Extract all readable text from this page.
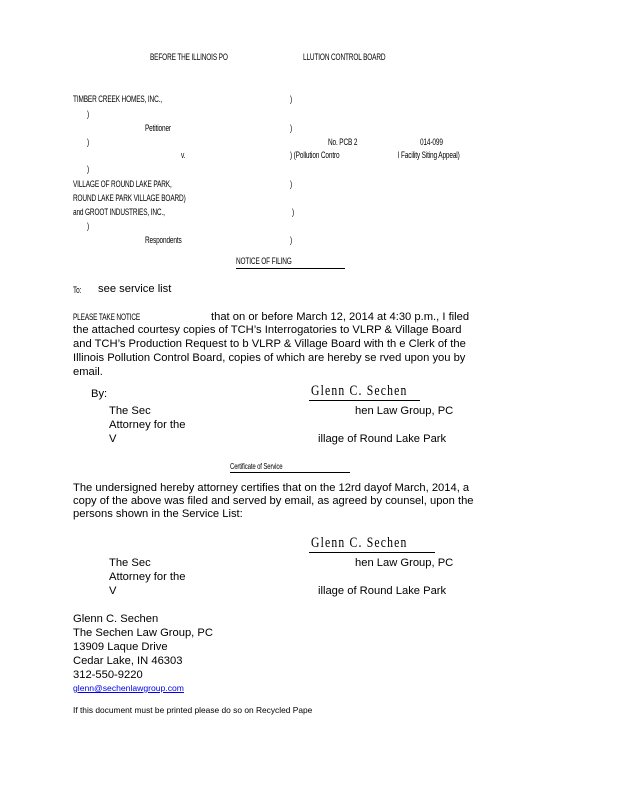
BEFORE THE ILLINOIS PO	LLUTION CONTROL BOARD
TIMBER CREEK HOMES, INC.,	)
)
Petitioner	)
)	No. PCB 2	014-099
v.	) (Pollution Contro	l Facility Siting Appeal)
)
VILLAGE OF ROUND LAKE PARK,	)
ROUND LAKE PARK VILLAGE BOARD)
and GROOT INDUSTRIES, INC.,	)
)
Respondents	)
NOTICE OF FILING
To: see service list
PLEASE TAKE NOTICE	that on or before March 12, 2014 at 4:30 p.m., I filed
the attached courtesy copies of TCH’s Interrogatories to VLRP & Village Board
and TCH’s Production Request to b VLRP & Village Board with th e Clerk of the
Illinois Pollution Control Board, copies of which are hereby se rved upon you by
email.
By:	Glenn C. Sechen
The Sec	hen Law Group, PC
Attorney for the
V	illage of Round Lake Park
Certificate of Service
The undersigned hereby attorney certifies that on the 12rd dayof March, 2014, a
copy of the above was filed and served by email, as agreed by counsel, upon the
persons shown in the Service List:
Glenn C. Sechen
The Sec	hen Law Group, PC
Attorney for the
V	illage of Round Lake Park
Glenn C. Sechen
The Sechen Law Group, PC
13909 Laque Drive
Cedar Lake, IN 46303
312-550-9220
glenn@sechenlawgroup.com
If this document must be printed please do so on Recycled Pape
